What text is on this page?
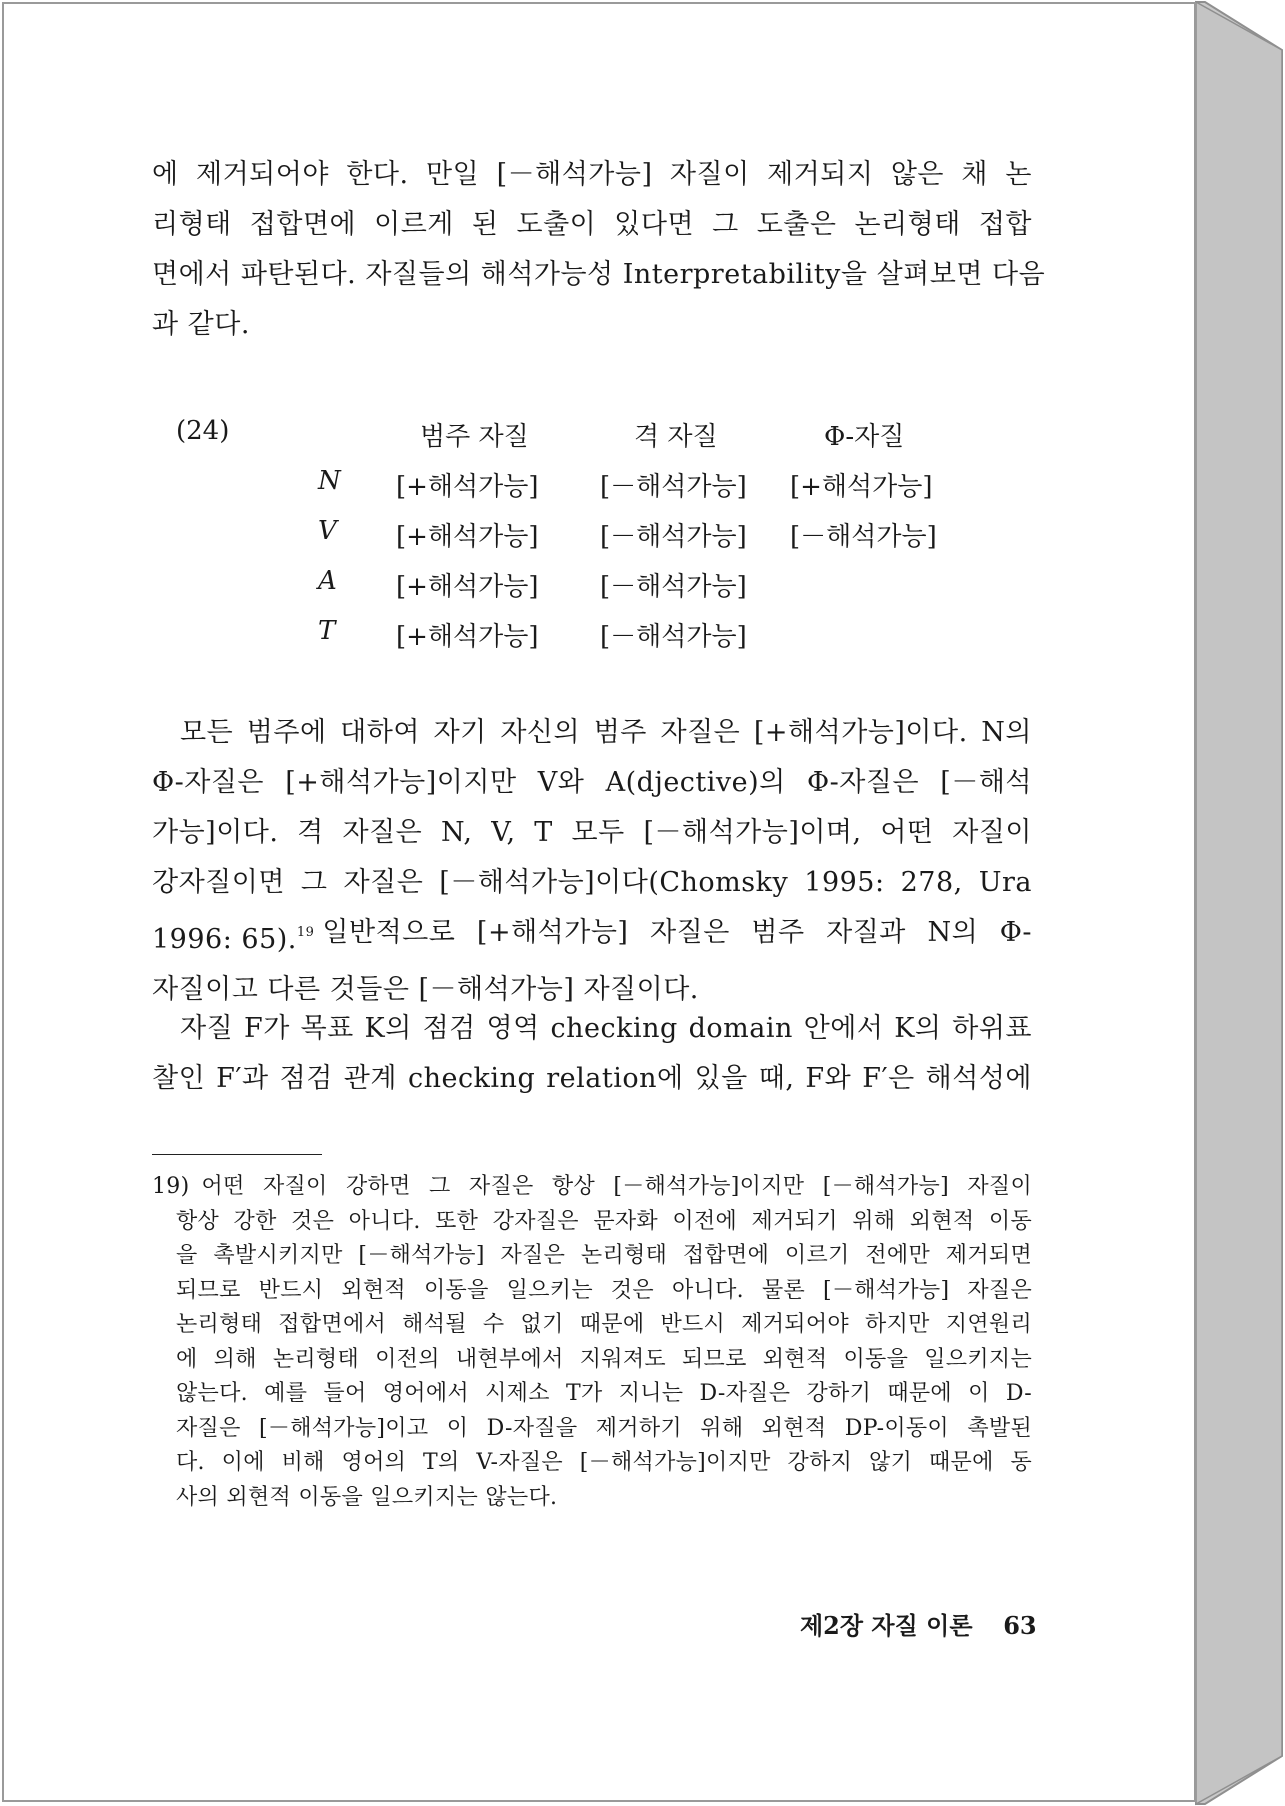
에 제거되어야 한다. 만일 [－해석가능] 자질이 제거되지 않은 채 논
리형태 접합면에 이르게 된 도출이 있다면 그 도출은 논리형태 접합
면에서 파탄된다. 자질들의 해석가능성 Interpretability을 살펴보면 다음
과 같다.
(24)	범주 자질	격 자질	Φ-자질
N [+해석가능] [－해석가능] [+해석가능]
V [+해석가능] [－해석가능] [－해석가능]
A [+해석가능] [－해석가능]
T [+해석가능] [－해석가능]
모든 범주에 대하여 자기 자신의 범주 자질은 [+해석가능]이다. N의
Φ-자질은 [+해석가능]이지만 V와 A(djective)의 Φ-자질은 [－해석
가능]이다. 격 자질은 N, V, T 모두 [－해석가능]이며, 어떤 자질이
강자질이면 그 자질은 [－해석가능]이다(Chomsky 1995: 278, Ura
1996: 65).$^{19}$ 일반적으로 [+해석가능] 자질은 범주 자질과 N의 Φ-
자질이고 다른 것들은 [－해석가능] 자질이다.
자질 F가 목표 K의 점검 영역 checking domain 안에서 K의 하위표
찰인 F′과 점검 관계 checking relation에 있을 때, F와 F′은 해석성에
19) 어떤 자질이 강하면 그 자질은 항상 [－해석가능]이지만 [－해석가능] 자질이
항상 강한 것은 아니다. 또한 강자질은 문자화 이전에 제거되기 위해 외현적 이동
을 촉발시키지만 [－해석가능] 자질은 논리형태 접합면에 이르기 전에만 제거되면
되므로 반드시 외현적 이동을 일으키는 것은 아니다. 물론 [－해석가능] 자질은
논리형태 접합면에서 해석될 수 없기 때문에 반드시 제거되어야 하지만 지연원리
에 의해 논리형태 이전의 내현부에서 지워져도 되므로 외현적 이동을 일으키지는
않는다. 예를 들어 영어에서 시제소 T가 지니는 D-자질은 강하기 때문에 이 D-
자질은 [－해석가능]이고 이 D-자질을 제거하기 위해 외현적 DP-이동이 촉발된
다. 이에 비해 영어의 T의 V-자질은 [－해석가능]이지만 강하지 않기 때문에 동
사의 외현적 이동을 일으키지는 않는다.
제2장 자질 이론 63
